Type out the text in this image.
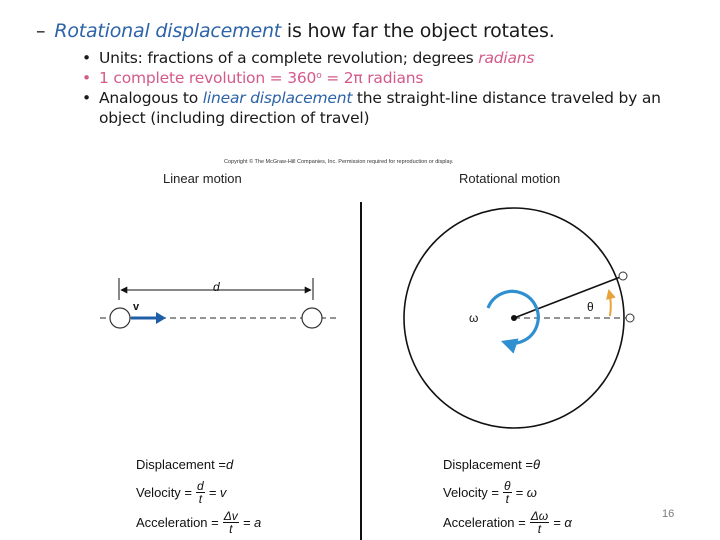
– Rotational displacement is how far the object rotates.
• Units: fractions of a complete revolution; degrees radians
• 1 complete revolution = $360^o = 2\pi$ radians
• Analogous to linear displacement the straight-line distance traveled by an object (including direction of travel)
Copyright © The McGraw-Hill Companies, Inc. Permission required for reproduction or display.
Linear motion	Rotational motion
d
v
ω
θ
Displacement = d
Velocity = $\frac{d}{t} = v$
Acceleration = $\frac{\Delta v}{t} = a$
Displacement = θ
Velocity = $\frac{\theta}{t} = \omega$
Acceleration = $\frac{\Delta\omega}{t} = \alpha$
16
